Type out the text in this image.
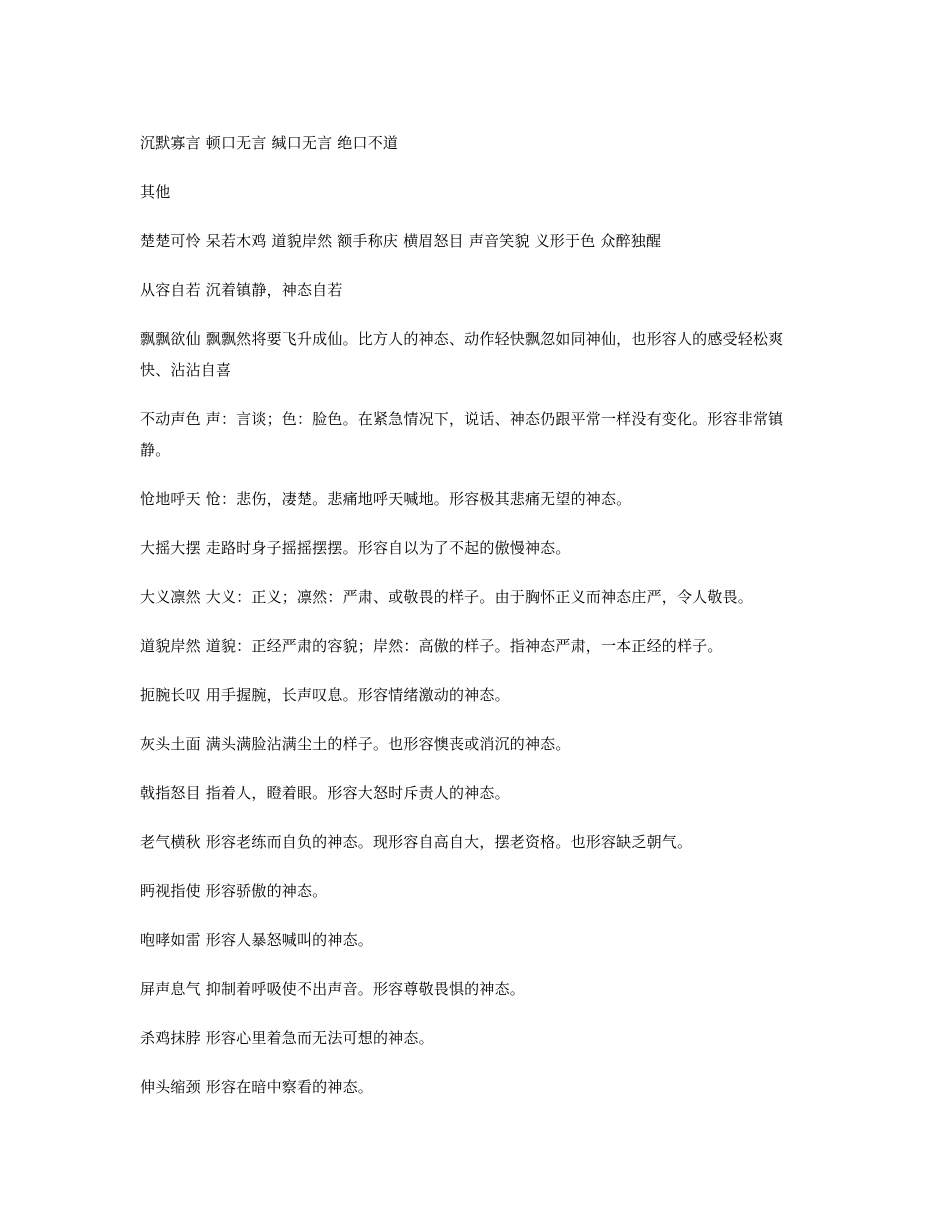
沉默寡言 顿口无言 缄口无言 绝口不道

其他

楚楚可怜 呆若木鸡 道貌岸然 额手称庆 横眉怒目 声音笑貌 义形于色 众醉独醒

从容自若 沉着镇静，神态自若

飘飘欲仙 飘飘然将要飞升成仙。比方人的神态、动作轻快飘忽如同神仙，也形容人的感受轻松爽快、沾沾自喜

不动声色 声：言谈；色：脸色。在紧急情况下，说话、神态仍跟平常一样没有变化。形容非常镇静。

怆地呼天 怆：悲伤，凄楚。悲痛地呼天喊地。形容极其悲痛无望的神态。

大摇大摆 走路时身子摇摇摆摆。形容自以为了不起的傲慢神态。

大义凛然 大义：正义；凛然：严肃、或敬畏的样子。由于胸怀正义而神态庄严，令人敬畏。

道貌岸然 道貌：正经严肃的容貌；岸然：高傲的样子。指神态严肃，一本正经的样子。

扼腕长叹 用手握腕，长声叹息。形容情绪激动的神态。

灰头土面 满头满脸沾满尘土的样子。也形容懊丧或消沉的神态。

戟指怒目 指着人，瞪着眼。形容大怒时斥责人的神态。

老气横秋 形容老练而自负的神态。现形容自高自大，摆老资格。也形容缺乏朝气。

眄视指使 形容骄傲的神态。

咆哮如雷 形容人暴怒喊叫的神态。

屏声息气 抑制着呼吸使不出声音。形容尊敬畏惧的神态。

杀鸡抹脖 形容心里着急而无法可想的神态。

伸头缩颈 形容在暗中察看的神态。
